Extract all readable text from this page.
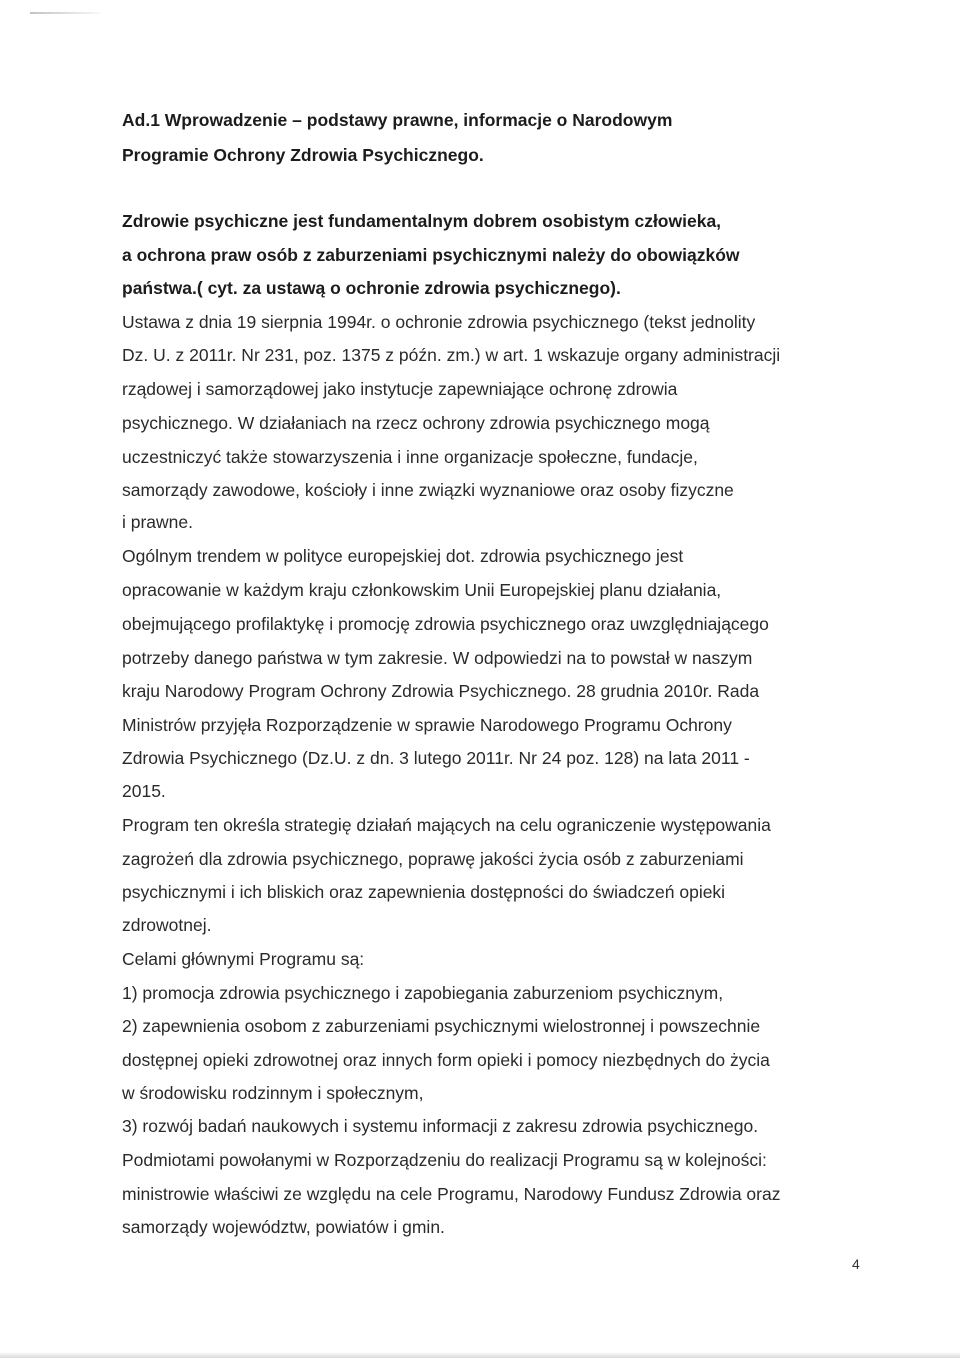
Ad.1 Wprowadzenie – podstawy prawne, informacje o Narodowym
Programie Ochrony Zdrowia Psychicznego.
Zdrowie psychiczne jest fundamentalnym dobrem osobistym człowieka,
a ochrona praw osób z zaburzeniami psychicznymi należy do obowiązków
państwa.( cyt. za ustawą o ochronie zdrowia psychicznego).
Ustawa z dnia 19 sierpnia 1994r. o ochronie zdrowia psychicznego (tekst jednolity
Dz. U. z 2011r. Nr 231, poz. 1375 z późn. zm.) w art. 1 wskazuje organy administracji
rządowej i samorządowej jako instytucje zapewniające ochronę zdrowia
psychicznego. W działaniach na rzecz ochrony zdrowia psychicznego mogą
uczestniczyć także stowarzyszenia i inne organizacje społeczne, fundacje,
samorządy zawodowe, kościoły i inne związki wyznaniowe oraz osoby fizyczne
i prawne.
Ogólnym trendem w polityce europejskiej dot. zdrowia psychicznego jest
opracowanie w każdym kraju członkowskim Unii Europejskiej planu działania,
obejmującego profilaktykę i promocję zdrowia psychicznego oraz uwzględniającego
potrzeby danego państwa w tym zakresie. W odpowiedzi na to powstał w naszym
kraju Narodowy Program Ochrony Zdrowia Psychicznego. 28 grudnia 2010r. Rada
Ministrów przyjęła Rozporządzenie w sprawie Narodowego Programu Ochrony
Zdrowia Psychicznego (Dz.U. z dn. 3 lutego 2011r. Nr 24 poz. 128) na lata 2011 -
2015.
Program ten określa strategię działań mających na celu ograniczenie występowania
zagrożeń dla zdrowia psychicznego, poprawę jakości życia osób z zaburzeniami
psychicznymi i ich bliskich oraz zapewnienia dostępności do świadczeń opieki
zdrowotnej.
Celami głównymi Programu są:
1) promocja zdrowia psychicznego i zapobiegania zaburzeniom psychicznym,
2) zapewnienia osobom z zaburzeniami psychicznymi wielostronnej i powszechnie
dostępnej opieki zdrowotnej oraz innych form opieki i pomocy niezbędnych do życia
w środowisku rodzinnym i społecznym,
3) rozwój badań naukowych i systemu informacji z zakresu zdrowia psychicznego.
Podmiotami powołanymi w Rozporządzeniu do realizacji Programu są w kolejności:
ministrowie właściwi ze względu na cele Programu, Narodowy Fundusz Zdrowia oraz
samorządy województw, powiatów i gmin.
4
